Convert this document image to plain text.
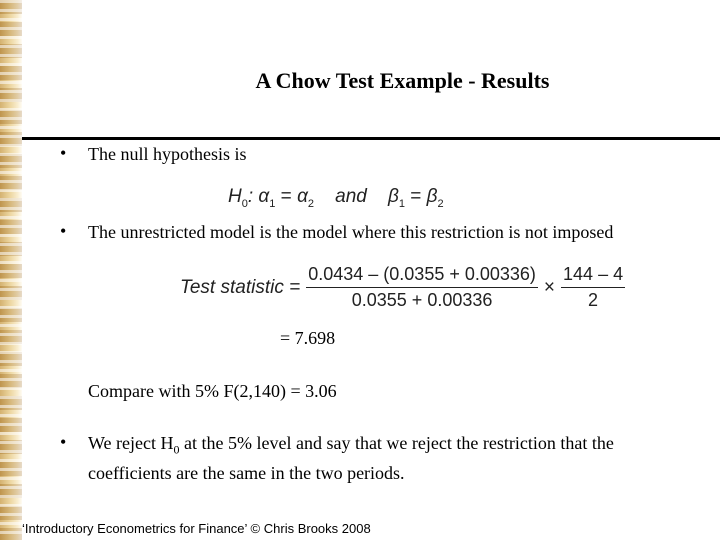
A Chow Test Example - Results
• The null hypothesis is
$H_0$: $\alpha_1 = \alpha_2$ and $\beta_1 = \beta_2$
• The unrestricted model is the model where this restriction is not imposed
Test statistic = $\frac{0.0434 - (0.0355 + 0.00336)}{0.0355 + 0.00336} \times \frac{144 - 4}{2}$
= 7.698
Compare with 5% F(2,140) = 3.06
• We reject $H_0$ at the 5% level and say that we reject the restriction that the
coefficients are the same in the two periods.
‘Introductory Econometrics for Finance’ © Chris Brooks 2008
